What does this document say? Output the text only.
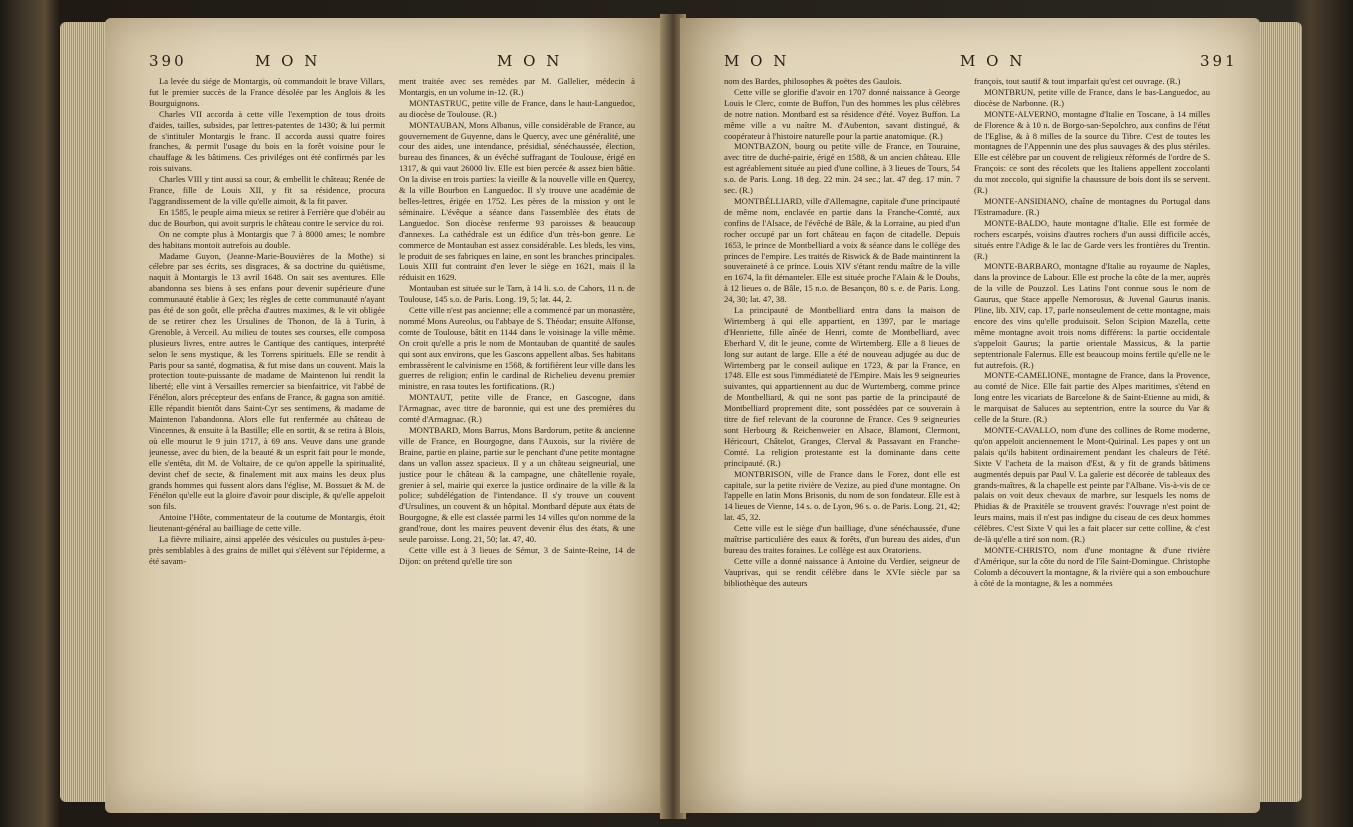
390	M O N	M O N

La levée du siége de Montargis, où commandoit le brave Villars, fut le premier succès de la France désolée par les Anglois & les Bourguignons.

Charles VII accorda à cette ville l'exemption de tous droits d'aides, tailles, subsides, par lettres-patentes de 1430; & lui permit de s'intituler Montargis le franc. Il accorda aussi quatre foires franches, & permit l'usage du bois en la forêt voisine pour le chauffage & les bâtimens. Ces priviléges ont été confirmés par les rois suivans.

Charles VIII y tint aussi sa cour, & embellit le château; Renée de France, fille de Louis XII, y fit sa résidence, procura l'aggrandissement de la ville qu'elle aimoit, & la fit paver.

En 1585, le peuple aima mieux se retirer à Ferrière que d'obéir au duc de Bourbon, qui avoit surpris le château contre le service du roi.

On ne compte plus à Montargis que 7 à 8000 ames; le nombre des habitans montoit autrefois au double.

Madame Guyon, (Jeanne-Marie-Bouvières de la Mothe) si célebre par ses écrits, ses disgraces, & sa doctrine du quiétisme, naquit à Montargis le 13 avril 1648. On sait ses aventures. Elle abandonna ses biens à ses enfans pour devenir supérieure d'une communauté établie à Gex; les règles de cette communauté n'ayant pas été de son goût, elle prêcha d'autres maximes, & le vit obligée de se retirer chez les Ursulines de Thonon, de là à Turin, à Grenoble, à Verceil. Au milieu de toutes ses courses, elle composa plusieurs livres, entre autres le Cantique des cantiques, interprété selon le sens mystique, & les Torrens spirituels. Elle se rendit à Paris pour sa santé, dogmatisa, & fut mise dans un couvent. Mais la protection toute-puissante de madame de Maintenon lui rendit la liberté; elle vint à Versailles remercier sa bienfaitrice, vit l'abbé de Fénélon, alors précepteur des enfans de France, & gagna son amitié. Elle répandit bientôt dans Saint-Cyr ses sentimens, & madame de Maintenon l'abandonna. Alors elle fut renfermée au château de Vincennes, & ensuite à la Bastille; elle en sortit, & se retira à Blois, où elle mourut le 9 juin 1717, à 69 ans. Veuve dans une grande jeunesse, avec du bien, de la beauté & un esprit fait pour le monde, elle s'entêta, dit M. de Voltaire, de ce qu'on appelle la spiritualité, devint chef de secte, & finalement mit aux mains les deux plus grands hommes qui fussent alors dans l'église, M. Bossuet & M. de Fénélon qu'elle eut la gloire d'avoir pour disciple, & qu'elle appeloit son fils.

Antoine l'Hôte, commentateur de la coutume de Montargis, étoit lieutenant-général au bailliage de cette ville.

La fièvre miliaire, ainsi appelée des vésicules ou pustules à-peu-près semblables à des grains de millet qui s'élèvent sur l'épiderme, a été savam-

ment traitée avec ses remèdes par M. Gallelier, médecin à Montargis, en un volume in-12. (R.)

MONTASTRUC, petite ville de France, dans le haut-Languedoc, au diocèse de Toulouse. (R.)

MONTAUBAN, Mons Albanus, ville considérable de France, au gouvernement de Guyenne, dans le Quercy, avec une généralité, une cour des aides, une intendance, présidial, sénéchaussée, élection, bureau des finances, & un évêché suffragant de Toulouse, érigé en 1317, & qui vaut 26000 liv. Elle est bien percée & assez bien bâtie. On la divise en trois parties: la vieille & la nouvelle ville en Quercy, & la ville Bourbon en Languedoc. Il s'y trouve une académie de belles-lettres, érigée en 1752. Les pères de la mission y ont le séminaire. L'évêque a séance dans l'assemblée des états de Languedoc. Son diocèse renferme 93 paroisses & beaucoup d'annexes. La cathédrale est un édifice d'un très-bon genre. Le commerce de Montauban est assez considérable. Les bleds, les vins, le produit de ses fabriques en laine, en sont les branches principales. Louis XIII fut contraint d'en lever le siège en 1621, mais il la réduisit en 1629.

Montauban est située sur le Tarn, à 14 li. s.o. de Cahors, 11 n. de Toulouse, 145 s.o. de Paris. Long. 19, 5; lat. 44, 2.

Cette ville n'est pas ancienne; elle a commencé par un monastère, nommé Mons Aureolus, ou l'abbaye de S. Théodar; ensuite Alfonse, comte de Toulouse, bâtit en 1144 dans le voisinage la ville même. On croit qu'elle a pris le nom de Montauban de quantité de saules qui sont aux environs, que les Gascons appellent albas. Ses habitans embrassèrent le calvinisme en 1568, & fortifièrent leur ville dans les guerres de religion; enfin le cardinal de Richelieu devenu premier ministre, en rasa toutes les fortifications. (R.)

MONTAUT, petite ville de France, en Gascogne, dans l'Armagnac, avec titre de baronnie, qui est une des premières du comté d'Armagnac. (R.)

MONTBARD, Mons Barrus, Mons Bardorum, petite & ancienne ville de France, en Bourgogne, dans l'Auxois, sur la rivière de Braine, partie en plaine, partie sur le penchant d'une petite montagne dans un vallon assez spacieux. Il y a un château seigneurial, une justice pour le château & la campagne, une châtellenie royale, grenier à sel, mairie qui exerce la justice ordinaire de la ville & la police; subdélégation de l'intendance. Il s'y trouve un couvent d'Ursulines, un couvent & un hôpital. Montbard députe aux états de Bourgogne, & elle est classée parmi les 14 villes qu'on nomme de la grand'roue, dont les maires peuvent devenir élus des états, & une seule paroisse. Long. 21, 50; lat. 47, 40.

Cette ville est à 3 lieues de Sémur, 3 de Sainte-Reine, 14 de Dijon: on prétend qu'elle tire son

M O N	M O N	391

nom des Bardes, philosophes & poëtes des Gaulois.

Cette ville se glorifie d'avoir en 1707 donné naissance à George Louis le Clerc, comte de Buffon, l'un des hommes les plus célèbres de notre nation. Montbard est sa résidence d'été. Voyez Buffon. La même ville a vu naître M. d'Aubenton, savant distingué, & coopérateur à l'histoire naturelle pour la partie anatomique. (R.)

MONTBAZON, bourg ou petite ville de France, en Touraine, avec titre de duché-pairie, érigé en 1588, & un ancien château. Elle est agréablement située au pied d'une colline, à 3 lieues de Tours, 54 s.o. de Paris. Long. 18 deg. 22 min. 24 sec.; lat. 47 deg. 17 min. 7 sec. (R.)

MONTBÉLLIARD, ville d'Allemagne, capitale d'une principauté de même nom, enclavée en partie dans la Franche-Comté, aux confins de l'Alsace, de l'évêché de Bâle, & la Lorraine, au pied d'un rocher occupé par un fort château en façon de citadelle. Depuis 1653, le prince de Montbelliard a voix & séance dans le collège des princes de l'empire. Les traités de Riswick & de Bade maintinrent la souveraineté à ce prince. Louis XIV s'étant rendu maître de la ville en 1674, la fit démanteler. Elle est située proche l'Alain & le Doubs, à 12 lieues o. de Bâle, 15 n.o. de Besançon, 80 s. e. de Paris. Long. 24, 30; lat. 47, 38.

La principauté de Montbelliard entra dans la maison de Wirtemberg à qui elle appartient, en 1397, par le mariage d'Henriette, fille aînée de Henri, comte de Montbelliard, avec Eberhard V, dit le jeune, comte de Wirtemberg. Elle a 8 lieues de long sur autant de large. Elle a été de nouveau adjugée au duc de Wirtemberg par le conseil aulique en 1723, & par la France, en 1748. Elle est sous l'immédiateté de l'Empire. Mais les 9 seigneuries suivantes, qui appartiennent au duc de Wurtemberg, comme prince de Montbelliard, & qui ne sont pas partie de la principauté de Montbelliard proprement dite, sont possédées par ce souverain à titre de fief relevant de la couronne de France. Ces 9 seigneuries sont Herbourg & Reichenweier en Alsace, Blamont, Clermont, Héricourt, Châtelot, Granges, Clerval & Passavant en Franche-Comté. La religion protestante est la dominante dans cette principauté. (R.)

MONTBRISON, ville de France dans le Forez, dont elle est capitale, sur la petite rivière de Vezize, au pied d'une montagne. On l'appelle en latin Mons Brisonis, du nom de son fondateur. Elle est à 14 lieues de Vienne, 14 s. o. de Lyon, 96 s. o. de Paris. Long. 21, 42; lat. 45, 32.

Cette ville est le siège d'un bailliage, d'une sénéchaussée, d'une maîtrise particulière des eaux & forêts, d'un bureau des aides, d'un bureau des traites foraines. Le collège est aux Oratoriens.

Cette ville a donné naissance à Antoine du Verdier, seigneur de Vauprivas, qui se rendit célèbre dans le XVIe siècle par sa bibliothèque des auteurs

françois, tout sautif & tout imparfait qu'est cet ouvrage. (R.)

MONTBRUN, petite ville de France, dans le bas-Languedoc, au diocèse de Narbonne. (R.)

MONTE-ALVERNO, montagne d'Italie en Toscane, à 14 milles de Florence & à 10 n. de Borgo-san-Sepolchro, aux confins de l'état de l'Eglise, & à 8 milles de la source du Tibre. C'est de toutes les montagnes de l'Appennin une des plus sauvages & des plus stériles. Elle est célèbre par un couvent de religieux réformés de l'ordre de S. François: ce sont des récolets que les Italiens appellent zoccolanti du mot zoccolo, qui signifie la chaussure de bois dont ils se servent. (R.)

MONTE-ANSIDIANO, chaîne de montagnes du Portugal dans l'Estramadure. (R.)

MONTE-BALDO, haute montagne d'Italie. Elle est formée de rochers escarpés, voisins d'autres rochers d'un aussi difficile accès, situés entre l'Adige & le lac de Garde vers les frontières du Trentin. (R.)

MONTE-BARBARO, montagne d'Italie au royaume de Naples, dans la province de Labour. Elle est proche la côte de la mer, auprès de la ville de Pouzzol. Les Latins l'ont connue sous le nom de Gaurus, que Stace appelle Nemorosus, & Juvenal Gaurus inanis. Pline, lib. XIV, cap. 17, parle nonseulement de cette montagne, mais encore des vins qu'elle produisoit. Selon Scipion Mazella, cette même montagne avoit trois noms différens: la partie occidentale s'appeloit Gaurus; la partie orientale Massicus, & la partie septentrionale Falernus. Elle est beaucoup moins fertile qu'elle ne le fut autrefois. (R.)

MONTE-CAMELIONE, montagne de France, dans la Provence, au comté de Nice. Elle fait partie des Alpes maritimes, s'étend en long entre les vicariats de Barcelone & de Saint-Etienne au midi, & le marquisat de Saluces au septentrion, entre la source du Var & celle de la Sture. (R.)

MONTE-CAVALLO, nom d'une des collines de Rome moderne, qu'on appeloit anciennement le Mont-Quirinal. Les papes y ont un palais qu'ils habitent ordinairement pendant les chaleurs de l'été. Sixte V l'acheta de la maison d'Est, & y fit de grands bâtimens augmentés depuis par Paul V. La galerie est décorée de tableaux des grands-maîtres, & la chapelle est peinte par l'Albane. Vis-à-vis de ce palais on voit deux chevaux de marbre, sur lesquels les noms de Phidias & de Praxitèle se trouvent gravés: l'ouvrage n'est point de leurs mains, mais il n'est pas indigne du ciseau de ces deux hommes célèbres. C'est Sixte V qui les a fait placer sur cette colline, & c'est de-là qu'elle a tiré son nom. (R.)

MONTE-CHRISTO, nom d'une montagne & d'une rivière d'Amérique, sur la côte du nord de l'île Saint-Domingue. Christophe Colomb a découvert la montagne, & la rivière qui a son embouchure à côté de la montagne, & les a nommées
